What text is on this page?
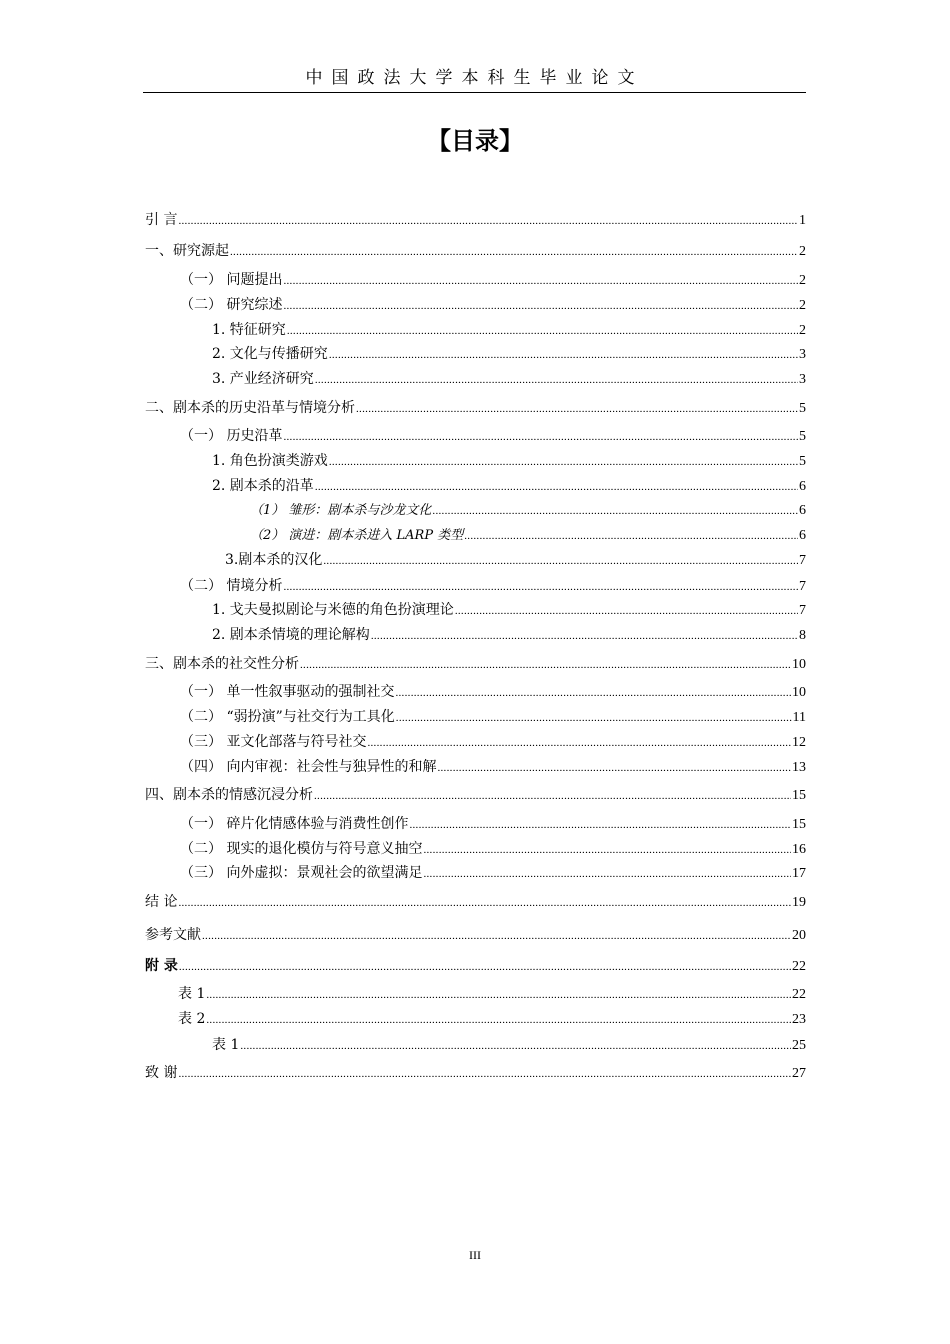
中国政法大学本科生毕业论文
【目录】
引 言 .....	1
一、研究源起 .....	2
（一） 问题提出 .....	2
（二） 研究综述 .....	2
1. 特征研究 .....	2
2. 文化与传播研究 .....	3
3. 产业经济研究 .....	3
二、剧本杀的历史沿革与情境分析 .....	5
（一） 历史沿革 .....	5
1. 角色扮演类游戏 .....	5
2. 剧本杀的沿革 .....	6
（1） 雏形：剧本杀与沙龙文化 .....	6
（2） 演进：剧本杀进入 LARP 类型 .....	6
3.剧本杀的汉化 .....	7
（二） 情境分析 .....	7
1. 戈夫曼拟剧论与米德的角色扮演理论 .....	7
2. 剧本杀情境的理论解构 .....	8
三、剧本杀的社交性分析 .....	10
（一） 单一性叙事驱动的强制社交 .....	10
（二） “弱扮演”与社交行为工具化 .....	11
（三） 亚文化部落与符号社交 .....	12
（四） 向内审视：社会性与独异性的和解 .....	13
四、剧本杀的情感沉浸分析 .....	15
（一） 碎片化情感体验与消费性创作 .....	15
（二） 现实的退化模仿与符号意义抽空 .....	16
（三） 向外虚拟：景观社会的欲望满足 .....	17
结 论 .....	19
参考文献 .....	20
附 录 .....	22
表 1 .....	22
表 2 .....	23
表 1 .....	25
致 谢 .....	27
III
